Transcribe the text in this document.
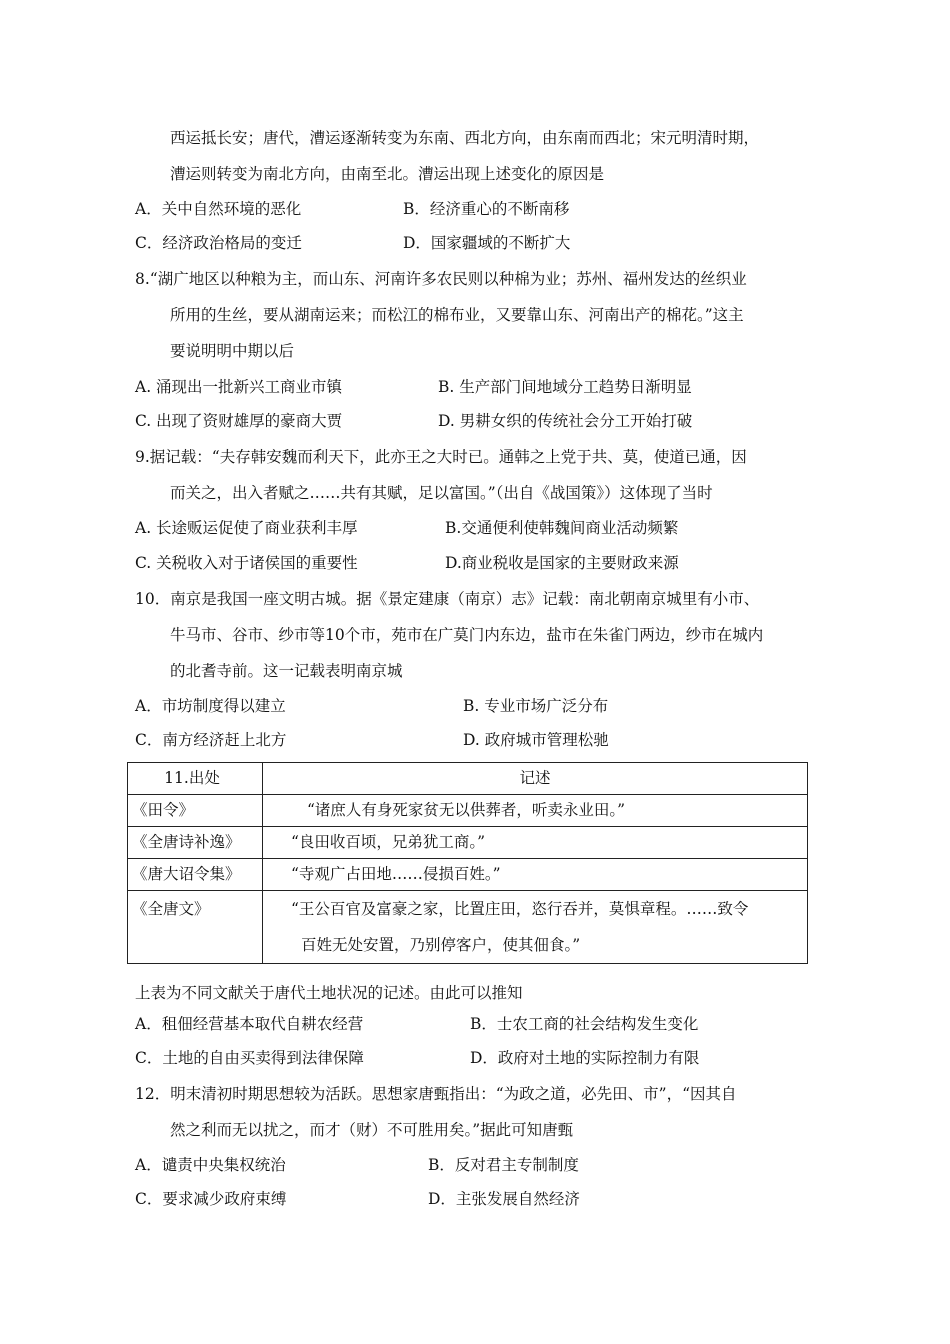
西运抵长安；唐代，漕运逐渐转变为东南、西北方向，由东南而西北；宋元明清时期，
漕运则转变为南北方向，由南至北。漕运出现上述变化的原因是
A．关中自然环境的恶化	B．经济重心的不断南移
C．经济政治格局的变迁	D．国家疆域的不断扩大
8.“湖广地区以种粮为主，而山东、河南许多农民则以种棉为业；苏州、福州发达的丝织业
所用的生丝，要从湖南运来；而松江的棉布业，又要靠山东、河南出产的棉花。”这主
要说明明中期以后
A. 涌现出一批新兴工商业市镇	B. 生产部门间地域分工趋势日渐明显
C. 出现了资财雄厚的豪商大贾	D. 男耕女织的传统社会分工开始打破
9.据记载：“夫存韩安魏而利天下，此亦王之大时已。通韩之上党于共、莫，使道已通，因
而关之，出入者赋之……共有其赋，足以富国。”（出自《战国策》）这体现了当时
A. 长途贩运促使了商业获利丰厚	B.交通便利使韩魏间商业活动频繁
C. 关税收入对于诸侯国的重要性	D.商业税收是国家的主要财政来源
10．南京是我国一座文明古城。据《景定建康（南京）志》记载：南北朝南京城里有小市、
牛马市、谷市、纱市等10个市，苑市在广莫门内东边，盐市在朱雀门两边，纱市在城内
的北耆寺前。这一记载表明南京城
A．市坊制度得以建立	B. 专业市场广泛分布
C．南方经济赶上北方	D. 政府城市管理松驰
11.出处	记述
《田令》	“诸庶人有身死家贫无以供葬者，听卖永业田。”
《全唐诗补逸》	“良田收百顷，兄弟犹工商。”
《唐大诏令集》	“寺观广占田地……侵损百姓。”
《全唐文》	“王公百官及富豪之家，比置庄田，恣行吞并，莫惧章程。……致令
百姓无处安置，乃别停客户，使其佃食。”
上表为不同文献关于唐代土地状况的记述。由此可以推知
A．租佃经营基本取代自耕农经营	B．士农工商的社会结构发生变化
C．土地的自由买卖得到法律保障	D．政府对土地的实际控制力有限
12．明末清初时期思想较为活跃。思想家唐甄指出：“为政之道，必先田、市”，“因其自
然之利而无以扰之，而才（财）不可胜用矣。”据此可知唐甄
A．谴责中央集权统治	B．反对君主专制制度
C．要求减少政府束缚	D．主张发展自然经济
